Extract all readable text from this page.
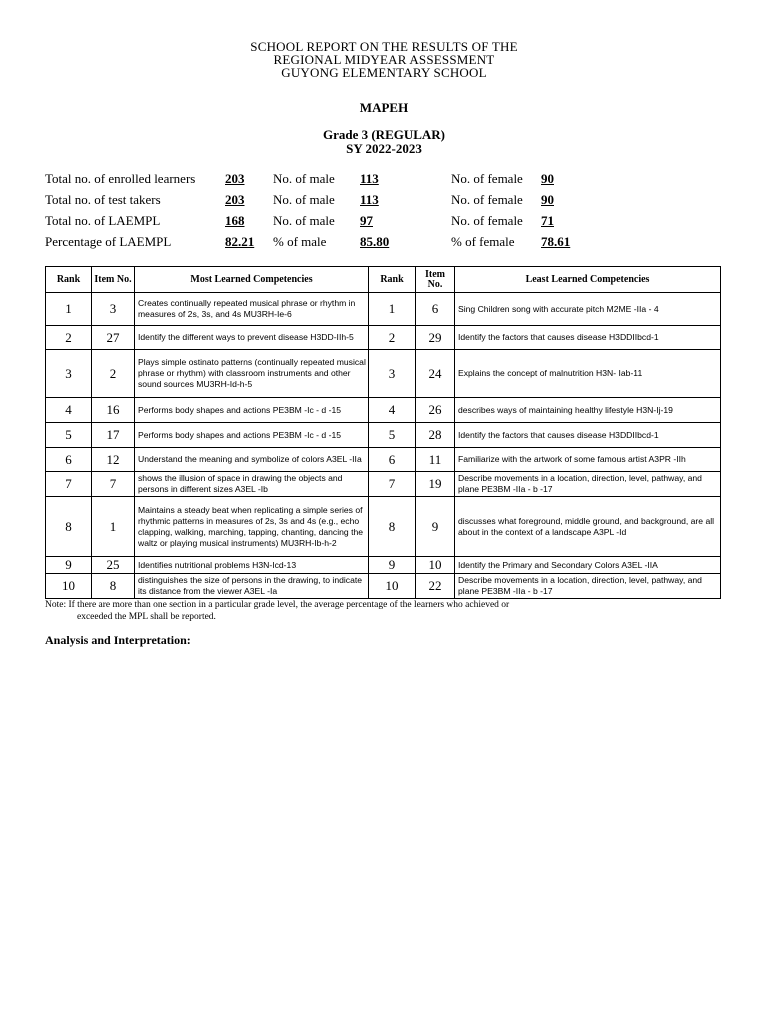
SCHOOL REPORT ON THE RESULTS OF THE
REGIONAL MIDYEAR ASSESSMENT
GUYONG ELEMENTARY SCHOOL
MAPEH
Grade 3 (REGULAR)
SY 2022-2023
Total no. of enrolled learners 203 No. of male 113	No. of female 90
Total no. of test takers	203 No. of male 113	No. of female 90
Total no. of LAEMPL	168 No. of male 97	No. of female 71
Percentage of LAEMPL	82.21 % of male	85.80	% of female 78.61
Rank	Item No.	Most Learned Competencies	Rank	Item No.	Least Learned Competencies
1	3	Creates continually repeated musical phrase or rhythm in measures of 2s, 3s, and 4s MU3RH-Ie-6	1	6	Sing Children song with accurate pitch M2ME -IIa - 4
2	27	Identify the different ways to prevent disease H3DD-IIh-5	2	29	Identify the factors that causes disease H3DDIIbcd-1
3	2	Plays simple ostinato patterns (continually repeated musical phrase or rhythm) with classroom instruments and other sound sources MU3RH-Id-h-5	3	24	Explains the concept of malnutrition H3N- Iab-11
4	16	Performs body shapes and actions PE3BM -Ic - d -15	4	26	describes ways of maintaining healthy lifestyle H3N-Ij-19
5	17	Performs body shapes and actions PE3BM -Ic - d -15	5	28	Identify the factors that causes disease H3DDIIbcd-1
6	12	Understand the meaning and symbolize of colors A3EL -IIa	6	11	Familiarize with the artwork of some famous artist A3PR -IIh
7	7	shows the illusion of space in drawing the objects and persons in different sizes A3EL -Ib	7	19	Describe movements in a location, direction, level, pathway, and plane PE3BM -IIa - b -17
8	1	Maintains a steady beat when replicating a simple series of rhythmic patterns in measures of 2s, 3s and 4s (e.g., echo clapping, walking, marching, tapping, chanting, dancing the waltz or playing musical instruments) MU3RH-Ib-h-2	8	9	discusses what foreground, middle ground, and background, are all about in the context of a landscape A3PL -Id
9	25	Identifies nutritional problems H3N-Icd-13	9	10	Identify the Primary and Secondary Colors A3EL -IIA
10	8	distinguishes the size of persons in the drawing, to indicate its distance from the viewer A3EL -Ia	10	22	Describe movements in a location, direction, level, pathway, and plane PE3BM -IIa - b -17
Note: If there are more than one section in a particular grade level, the average percentage of the learners who achieved or
exceeded the MPL shall be reported.
Analysis and Interpretation:
